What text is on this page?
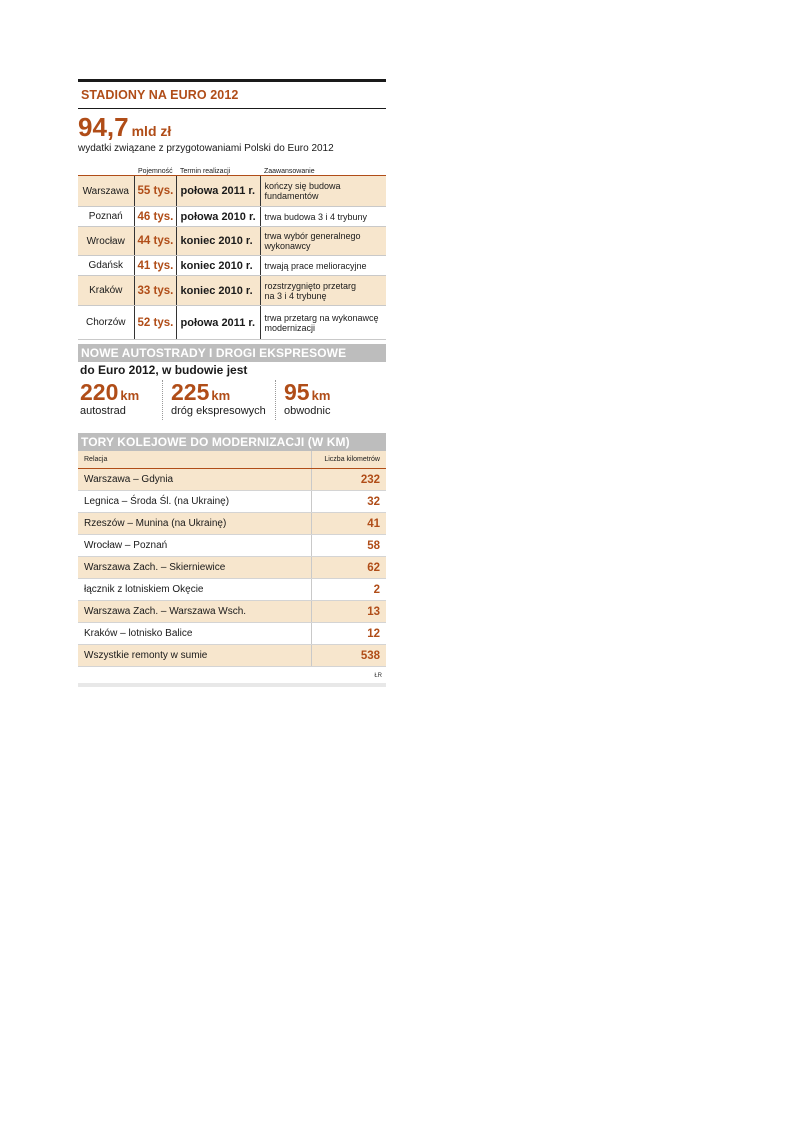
STADIONY NA EURO 2012
94,7 mld zł
wydatki związane z przygotowaniami Polski do Euro 2012
	Pojemność	Termin realizacji	Zaawansowanie
Warszawa	55 tys.	połowa 2011 r.	kończy się budowa
fundamentów
Poznań	46 tys.	połowa 2010 r.	trwa budowa 3 i 4 trybuny
Wrocław	44 tys.	koniec 2010 r.	trwa wybór generalnego
wykonawcy
Gdańsk	41 tys.	koniec 2010 r.	trwają prace melioracyjne
Kraków	33 tys.	koniec 2010 r.	rozstrzygnięto przetarg
na 3 i 4 trybunę
Chorzów	52 tys.	połowa 2011 r.	trwa przetarg na wykonawcę
modernizacji
NOWE AUTOSTRADY I DROGI EKSPRESOWE
do Euro 2012, w budowie jest
220 km
autostrad
225 km
dróg ekspresowych
95 km
obwodnic
TORY KOLEJOWE DO MODERNIZACJI (W KM)
Relacja	Liczba kilometrów
Warszawa – Gdynia	232
Legnica – Środa Śl. (na Ukrainę)	32
Rzeszów – Munina (na Ukrainę)	41
Wrocław – Poznań	58
Warszawa Zach. – Skierniewice	62
łącznik z lotniskiem Okęcie	2
Warszawa Zach. – Warszawa Wsch.	13
Kraków – lotnisko Balice	12
Wszystkie remonty w sumie	538
ŁR
